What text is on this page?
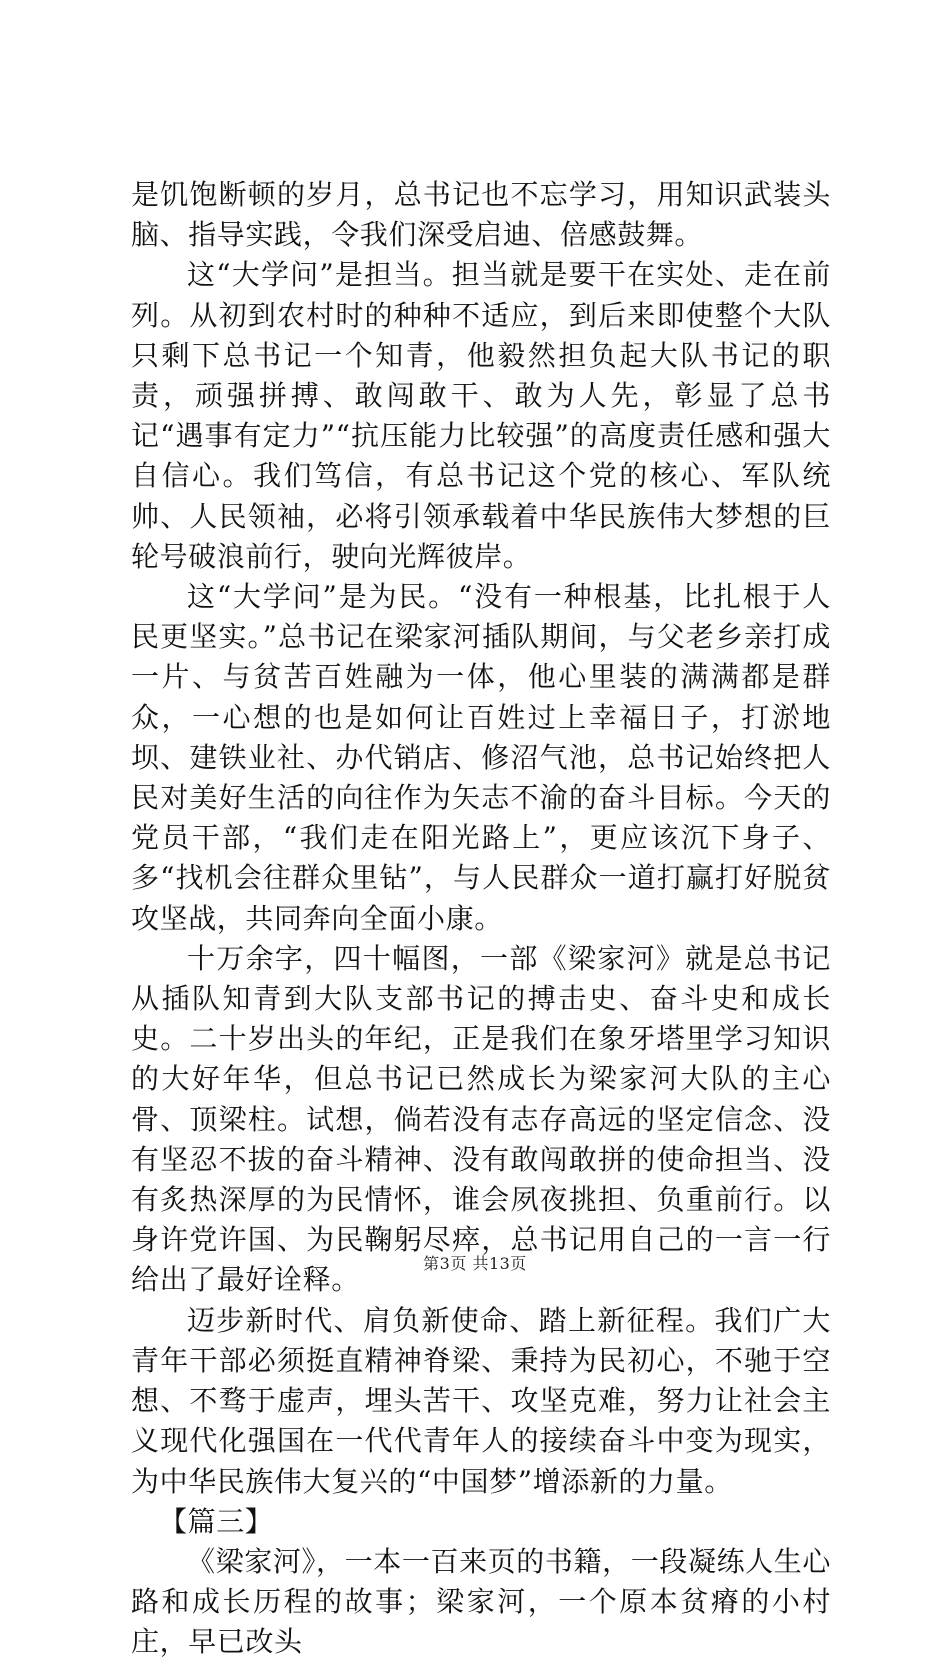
是饥饱断顿的岁月，总书记也不忘学习，用知识武装头脑、指导实践，令我们深受启迪、倍感鼓舞。

这“大学问”是担当。担当就是要干在实处、走在前列。从初到农村时的种种不适应，到后来即使整个大队只剩下总书记一个知青，他毅然担负起大队书记的职责，顽强拼搏、敢闯敢干、敢为人先，彰显了总书记“遇事有定力”“抗压能力比较强”的高度责任感和强大自信心。我们笃信，有总书记这个党的核心、军队统帅、人民领袖，必将引领承载着中华民族伟大梦想的巨轮号破浪前行，驶向光辉彼岸。

这“大学问”是为民。“没有一种根基，比扎根于人民更坚实。”总书记在梁家河插队期间，与父老乡亲打成一片、与贫苦百姓融为一体，他心里装的满满都是群众，一心想的也是如何让百姓过上幸福日子，打淤地坝、建铁业社、办代销店、修沼气池，总书记始终把人民对美好生活的向往作为矢志不渝的奋斗目标。今天的党员干部，“我们走在阳光路上”，更应该沉下身子、多“找机会往群众里钻”，与人民群众一道打赢打好脱贫攻坚战，共同奔向全面小康。

十万余字，四十幅图，一部《梁家河》就是总书记从插队知青到大队支部书记的搏击史、奋斗史和成长史。二十岁出头的年纪，正是我们在象牙塔里学习知识的大好年华，但总书记已然成长为梁家河大队的主心骨、顶梁柱。试想，倘若没有志存高远的坚定信念、没有坚忍不拔的奋斗精神、没有敢闯敢拼的使命担当、没有炙热深厚的为民情怀，谁会夙夜挑担、负重前行。以身许党许国、为民鞠躬尽瘁，总书记用自己的一言一行给出了最好诠释。

迈步新时代、肩负新使命、踏上新征程。我们广大青年干部必须挺直精神脊梁、秉持为民初心，不驰于空想、不骛于虚声，埋头苦干、攻坚克难，努力让社会主义现代化强国在一代代青年人的接续奋斗中变为现实，为中华民族伟大复兴的“中国梦”增添新的力量。

【篇三】

《梁家河》，一本一百来页的书籍，一段凝练人生心路和成长历程的故事；梁家河，一个原本贫瘠的小村庄，早已改头

第3页 共13页
